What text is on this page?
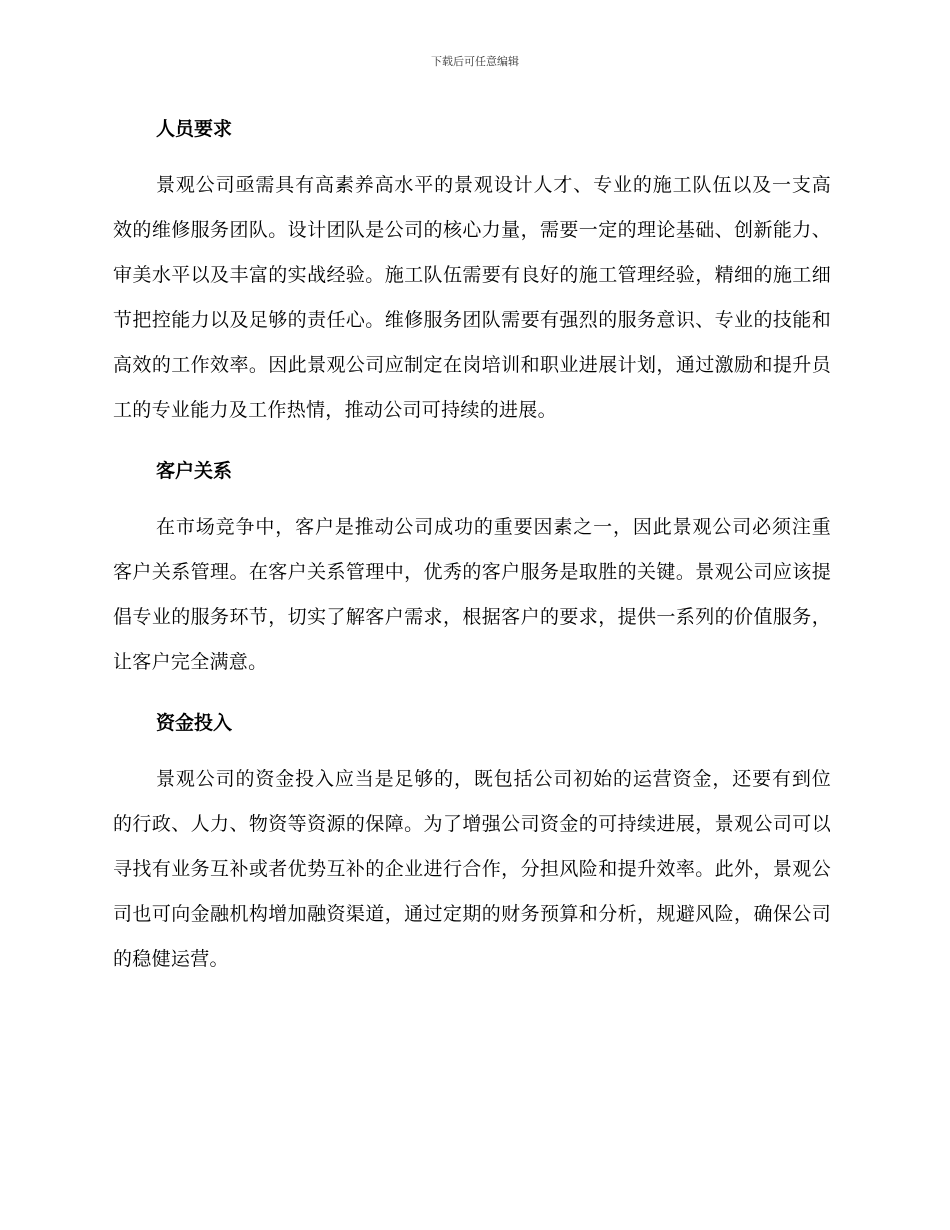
下载后可任意编辑
人员要求

景观公司亟需具有高素养高水平的景观设计人才、专业的施工队伍以及一支高效的维修服务团队。设计团队是公司的核心力量，需要一定的理论基础、创新能力、审美水平以及丰富的实战经验。施工队伍需要有良好的施工管理经验，精细的施工细节把控能力以及足够的责任心。维修服务团队需要有强烈的服务意识、专业的技能和高效的工作效率。因此景观公司应制定在岗培训和职业进展计划，通过激励和提升员工的专业能力及工作热情，推动公司可持续的进展。

客户关系

在市场竞争中，客户是推动公司成功的重要因素之一，因此景观公司必须注重客户关系管理。在客户关系管理中，优秀的客户服务是取胜的关键。景观公司应该提倡专业的服务环节，切实了解客户需求，根据客户的要求，提供一系列的价值服务，让客户完全满意。

资金投入

景观公司的资金投入应当是足够的，既包括公司初始的运营资金，还要有到位的行政、人力、物资等资源的保障。为了增强公司资金的可持续进展，景观公司可以寻找有业务互补或者优势互补的企业进行合作，分担风险和提升效率。此外，景观公司也可向金融机构增加融资渠道，通过定期的财务预算和分析，规避风险，确保公司的稳健运营。
